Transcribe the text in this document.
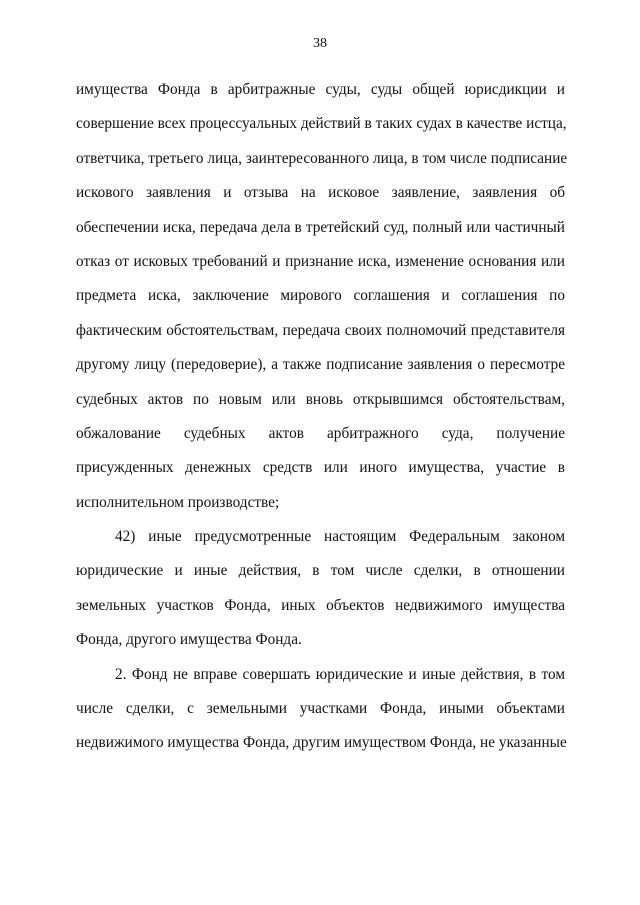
38
имущества Фонда в арбитражные суды, суды общей юрисдикции и
совершение всех процессуальных действий в таких судах в качестве истца,
ответчика, третьего лица, заинтересованного лица, в том числе подписание
искового заявления и отзыва на исковое заявление, заявления об
обеспечении иска, передача дела в третейский суд, полный или частичный
отказ от исковых требований и признание иска, изменение основания или
предмета иска, заключение мирового соглашения и соглашения по
фактическим обстоятельствам, передача своих полномочий представителя
другому лицу (передоверие), а также подписание заявления о пересмотре
судебных актов по новым или вновь открывшимся обстоятельствам,
обжалование судебных актов арбитражного суда, получение
присужденных денежных средств или иного имущества, участие в
исполнительном производстве;
42) иные предусмотренные настоящим Федеральным законом
юридические и иные действия, в том числе сделки, в отношении
земельных участков Фонда, иных объектов недвижимого имущества
Фонда, другого имущества Фонда.
2. Фонд не вправе совершать юридические и иные действия, в том
числе сделки, с земельными участками Фонда, иными объектами
недвижимого имущества Фонда, другим имуществом Фонда, не указанные
